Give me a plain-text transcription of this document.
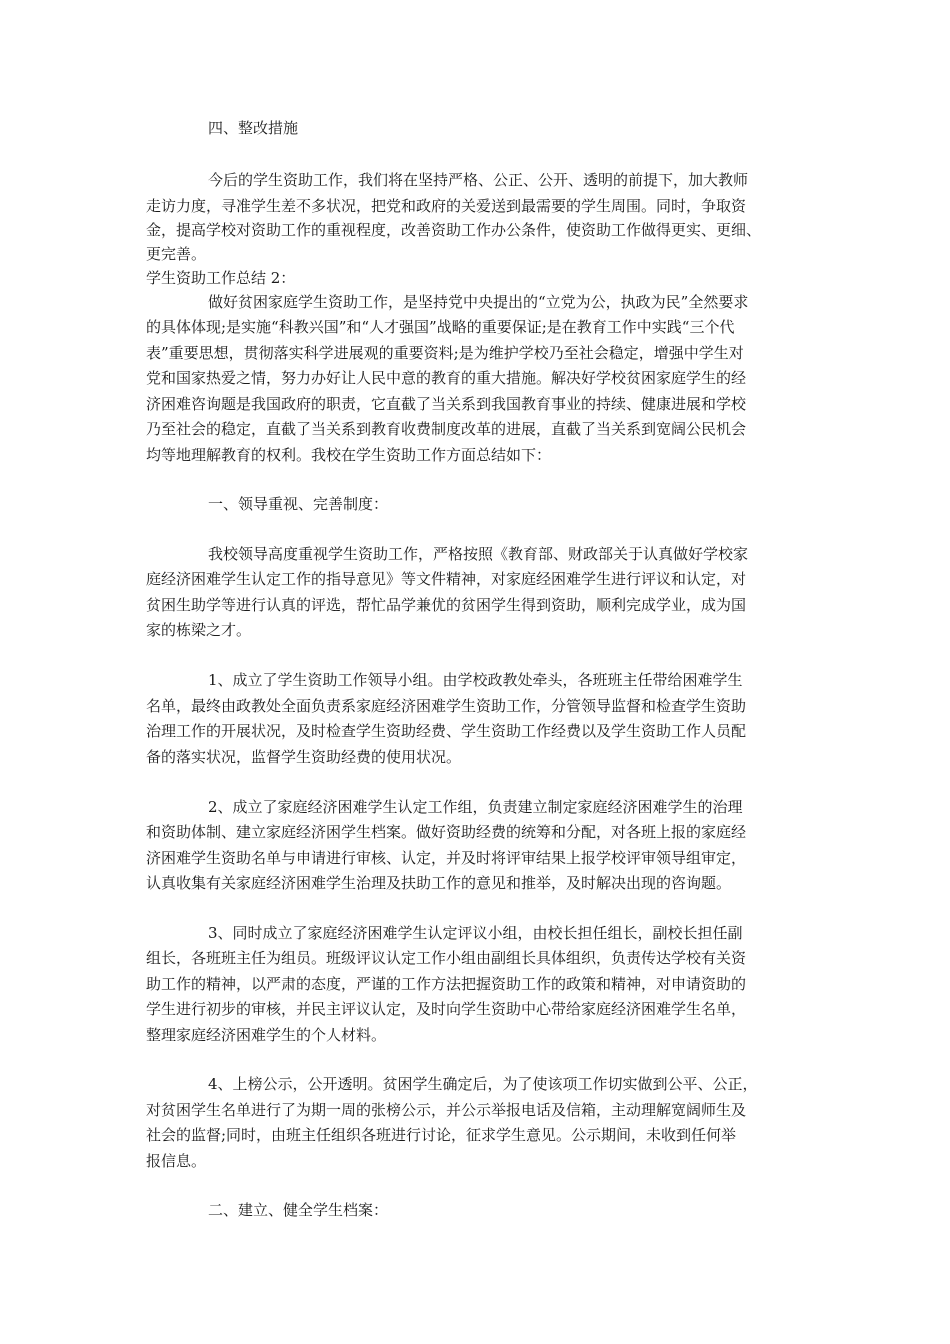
四、整改措施
今后的学生资助工作，我们将在坚持严格、公正、公开、透明的前提下，加大教师
走访力度，寻准学生差不多状况，把党和政府的关爱送到最需要的学生周围。同时，争取资
金，提高学校对资助工作的重视程度，改善资助工作办公条件，使资助工作做得更实、更细、
更完善。
学生资助工作总结 2：
做好贫困家庭学生资助工作，是坚持党中央提出的“立党为公，执政为民”全然要求
的具体体现;是实施“科教兴国”和“人才强国”战略的重要保证;是在教育工作中实践“三个代
表”重要思想，贯彻落实科学进展观的重要资料;是为维护学校乃至社会稳定，增强中学生对
党和国家热爱之情，努力办好让人民中意的教育的重大措施。解决好学校贫困家庭学生的经
济困难咨询题是我国政府的职责，它直截了当关系到我国教育事业的持续、健康进展和学校
乃至社会的稳定，直截了当关系到教育收费制度改革的进展，直截了当关系到宽阔公民机会
均等地理解教育的权利。我校在学生资助工作方面总结如下：
一、领导重视、完善制度：
我校领导高度重视学生资助工作，严格按照《教育部、财政部关于认真做好学校家
庭经济困难学生认定工作的指导意见》等文件精神，对家庭经困难学生进行评议和认定，对
贫困生助学等进行认真的评选，帮忙品学兼优的贫困学生得到资助，顺利完成学业，成为国
家的栋梁之才。
1、成立了学生资助工作领导小组。由学校政教处牵头，各班班主任带给困难学生
名单，最终由政教处全面负责系家庭经济困难学生资助工作，分管领导监督和检查学生资助
治理工作的开展状况，及时检查学生资助经费、学生资助工作经费以及学生资助工作人员配
备的落实状况，监督学生资助经费的使用状况。
2、成立了家庭经济困难学生认定工作组，负责建立制定家庭经济困难学生的治理
和资助体制、建立家庭经济困学生档案。做好资助经费的统筹和分配，对各班上报的家庭经
济困难学生资助名单与申请进行审核、认定，并及时将评审结果上报学校评审领导组审定，
认真收集有关家庭经济困难学生治理及扶助工作的意见和推举，及时解决出现的咨询题。
3、同时成立了家庭经济困难学生认定评议小组，由校长担任组长，副校长担任副
组长，各班班主任为组员。班级评议认定工作小组由副组长具体组织，负责传达学校有关资
助工作的精神，以严肃的态度，严谨的工作方法把握资助工作的政策和精神，对申请资助的
学生进行初步的审核，并民主评议认定，及时向学生资助中心带给家庭经济困难学生名单，
整理家庭经济困难学生的个人材料。
4、上榜公示，公开透明。贫困学生确定后，为了使该项工作切实做到公平、公正，
对贫困学生名单进行了为期一周的张榜公示，并公示举报电话及信箱，主动理解宽阔师生及
社会的监督;同时，由班主任组织各班进行讨论，征求学生意见。公示期间，未收到任何举
报信息。
二、建立、健全学生档案：
